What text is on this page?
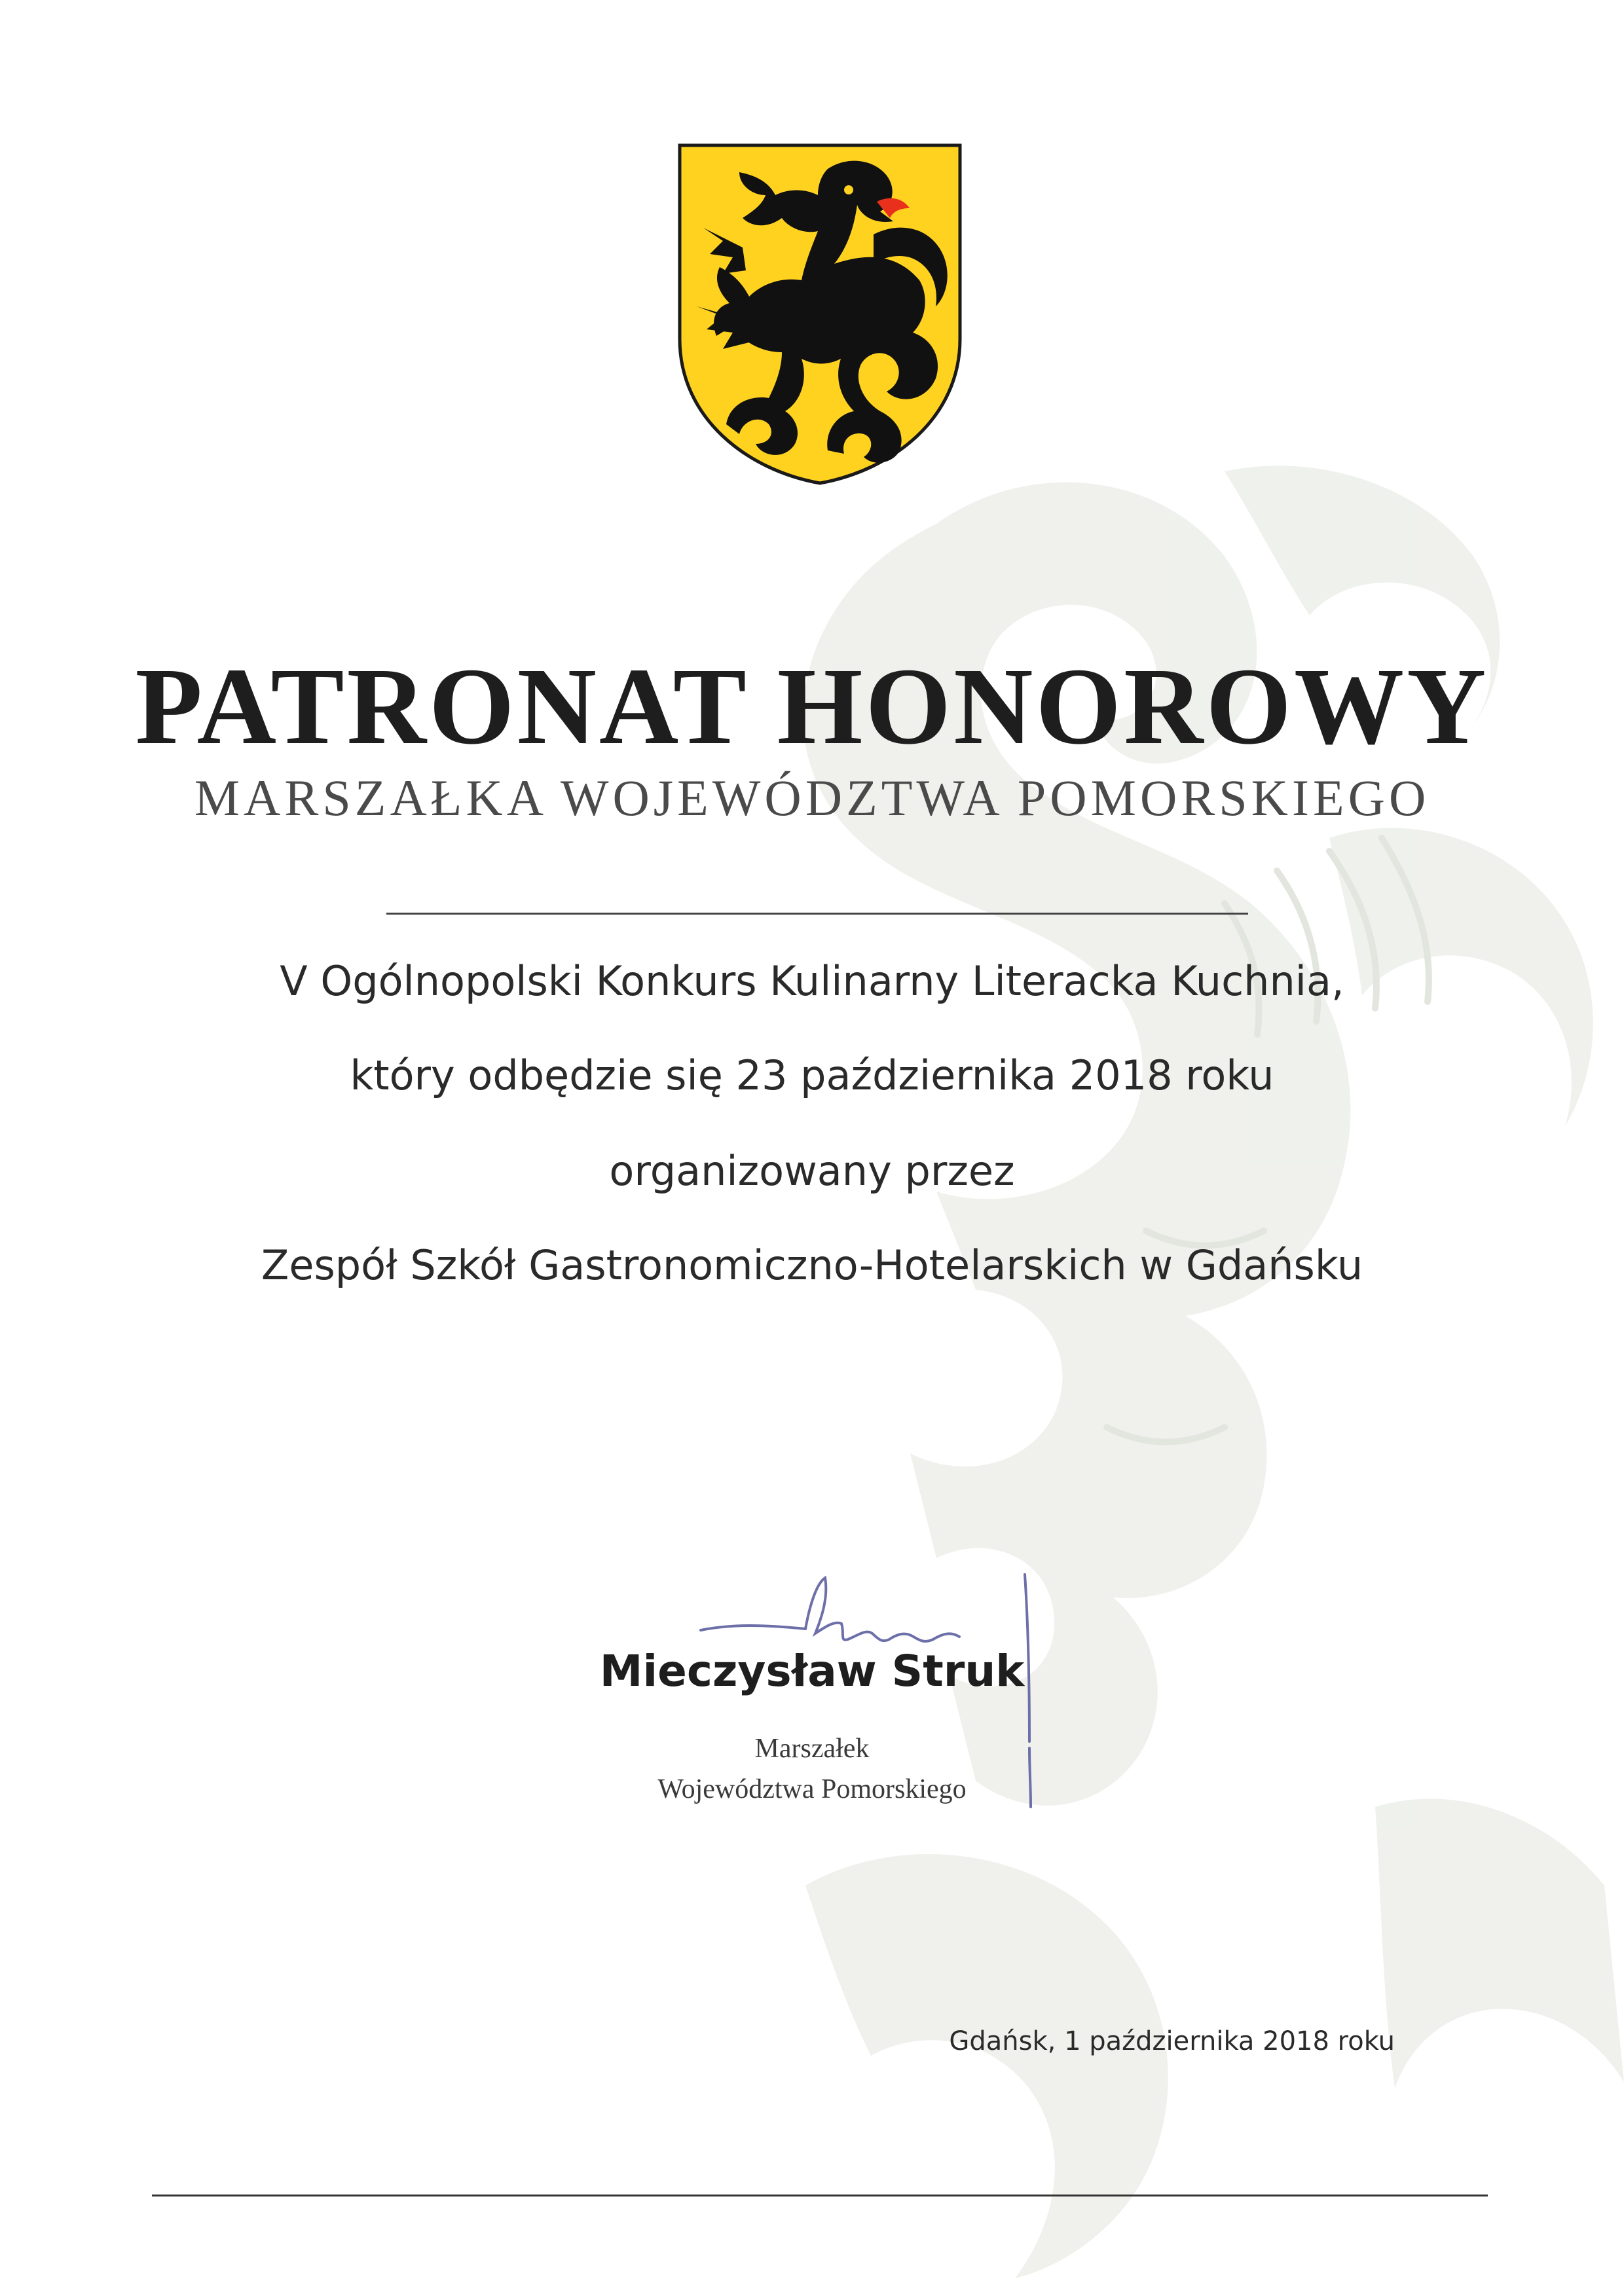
PATRONAT HONOROWY
MARSZAŁKA WOJEWÓDZTWA POMORSKIEGO
V Ogólnopolski Konkurs Kulinarny Literacka Kuchnia,
który odbędzie się 23 października 2018 roku
organizowany przez
Zespół Szkół Gastronomiczno-Hotelarskich w Gdańsku
Mieczysław Struk
Marszałek
Województwa Pomorskiego
Gdańsk, 1 października 2018 roku
